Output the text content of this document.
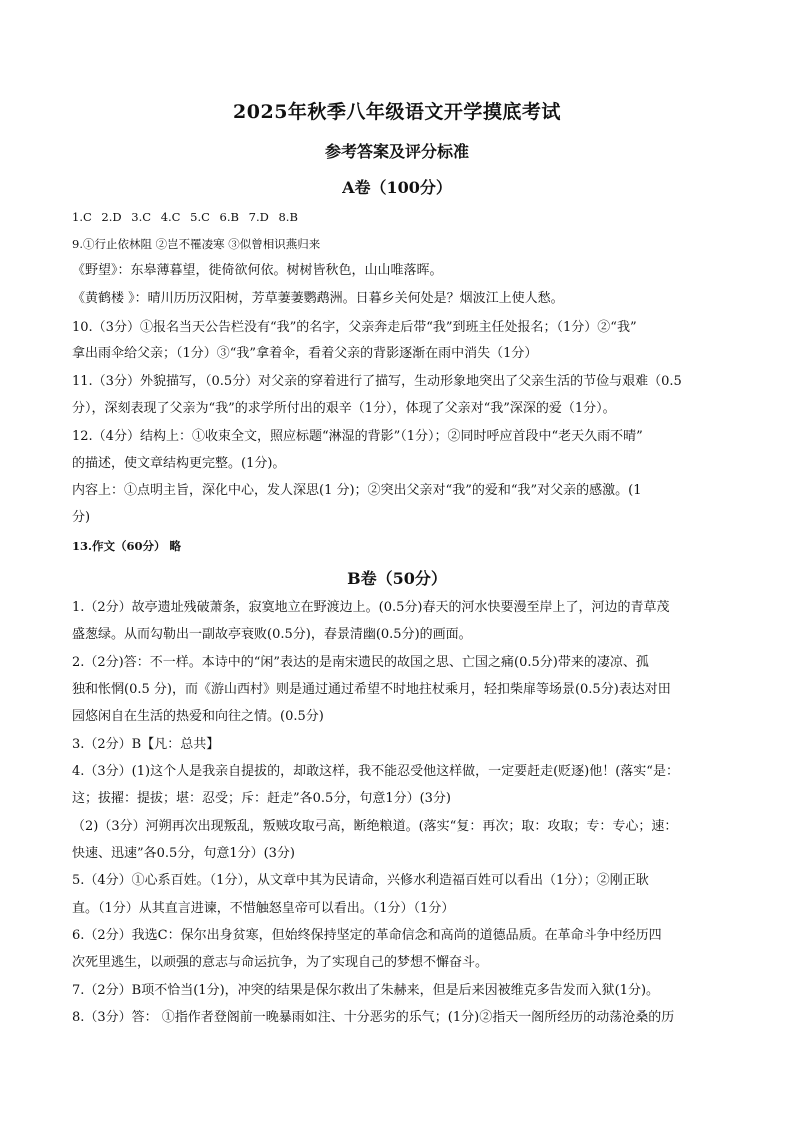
2025年秋季八年级语文开学摸底考试
参考答案及评分标准
A卷（100分）
1.C 2.D 3.C 4.C 5.C 6.B 7.D 8.B
9.①行止依林阻 ②岂不罹凌寒 ③似曾相识燕归来
《野望》：东皋薄暮望，徙倚欲何依。树树皆秋色，山山唯落晖。
《黄鹤楼 》：晴川历历汉阳树，芳草萋萋鹦鹉洲。日暮乡关何处是？烟波江上使人愁。
10.（3分）①报名当天公告栏没有“我”的名字，父亲奔走后带“我”到班主任处报名；（1分）②“我”
拿出雨伞给父亲；（1分）③“我”拿着伞，看着父亲的背影逐渐在雨中消失（1分）
11.（3分）外貌描写，（0.5分）对父亲的穿着进行了描写，生动形象地突出了父亲生活的节俭与艰难（0.5
分），深刻表现了父亲为“我”的求学所付出的艰辛（1分），体现了父亲对“我”深深的爱（1分）。
12.（4分）结构上：①收束全文，照应标题“淋湿的背影”（1分）；②同时呼应首段中“老天久雨不晴”
的描述，使文章结构更完整。(1分)。
内容上：①点明主旨，深化中心，发人深思(1 分)；②突出父亲对“我”的爱和“我”对父亲的感激。(1
分)
13.作文（60分） 略
B卷（50分）
1.（2分）故亭遗址残破萧条，寂寞地立在野渡边上。(0.5分)春天的河水快要漫至岸上了，河边的青草茂
盛葱绿。从而勾勒出一副故亭衰败(0.5分)，春景清幽(0.5分)的画面。
2.（2分)答：不一样。本诗中的“闲”表达的是南宋遗民的故国之思、亡国之痛(0.5分)带来的凄凉、孤
独和怅惘(0.5 分)，而《游山西村》则是通过通过希望不时地拄杖乘月，轻扣柴扉等场景(0.5分)表达对田
园悠闲自在生活的热爱和向往之情。(0.5分)
3.（2分）B【凡：总共】
4.（3分）(1)这个人是我亲自提拔的，却敢这样，我不能忍受他这样做，一定要赶走(贬逐)他！(落实“是：
这；拔擢：提拔；堪：忍受；斥：赶走”各0.5分，句意1分）(3分)
（2)（3分）河朔再次出现叛乱，叛贼攻取弓高，断绝粮道。(落实“复：再次；取：攻取；专：专心；速：
快速、迅速”各0.5分，句意1分）(3分)
5.（4分）①心系百姓。（1分），从文章中其为民请命，兴修水利造福百姓可以看出（1分）；②刚正耿
直。（1分）从其直言进谏，不惜触怒皇帝可以看出。（1分）（1分）
6.（2分）我选C：保尔出身贫寒，但始终保持坚定的革命信念和高尚的道德品质。在革命斗争中经历四
次死里逃生，以顽强的意志与命运抗争，为了实现自己的梦想不懈奋斗。
7.（2分）B项不恰当(1分)，冲突的结果是保尔救出了朱赫来，但是后来因被维克多告发而入狱(1分)。
8.（3分）答： ①指作者登阁前一晚暴雨如注、十分恶劣的乐气；(1分)②指天一阁所经历的动荡沧桑的历
